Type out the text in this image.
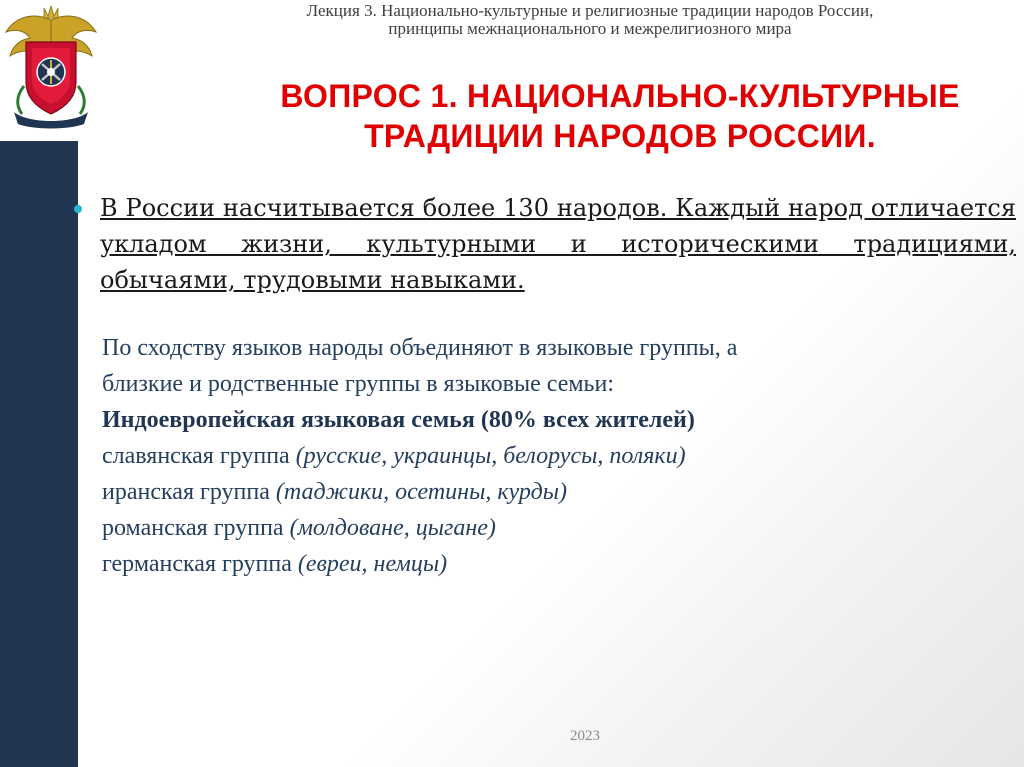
Лекция 3. Национально-культурные и религиозные традиции народов России,
принципы межнационального и межрелигиозного мира
ВОПРОС 1. НАЦИОНАЛЬНО-КУЛЬТУРНЫЕ
ТРАДИЦИИ НАРОДОВ РОССИИ.
В России насчитывается более 130 народов. Каждый народ отличается укладом жизни, культурными и историческими традициями, обычаями, трудовыми навыками.
По сходству языков народы объединяют в языковые группы, а
близкие и родственные группы в языковые семьи:
Индоевропейская языковая семья (80% всех жителей)
славянская группа (русские, украинцы, белорусы, поляки)
иранская группа (таджики, осетины, курды)
романская группа (молдоване, цыгане)
германская группа (евреи, немцы)
2023
